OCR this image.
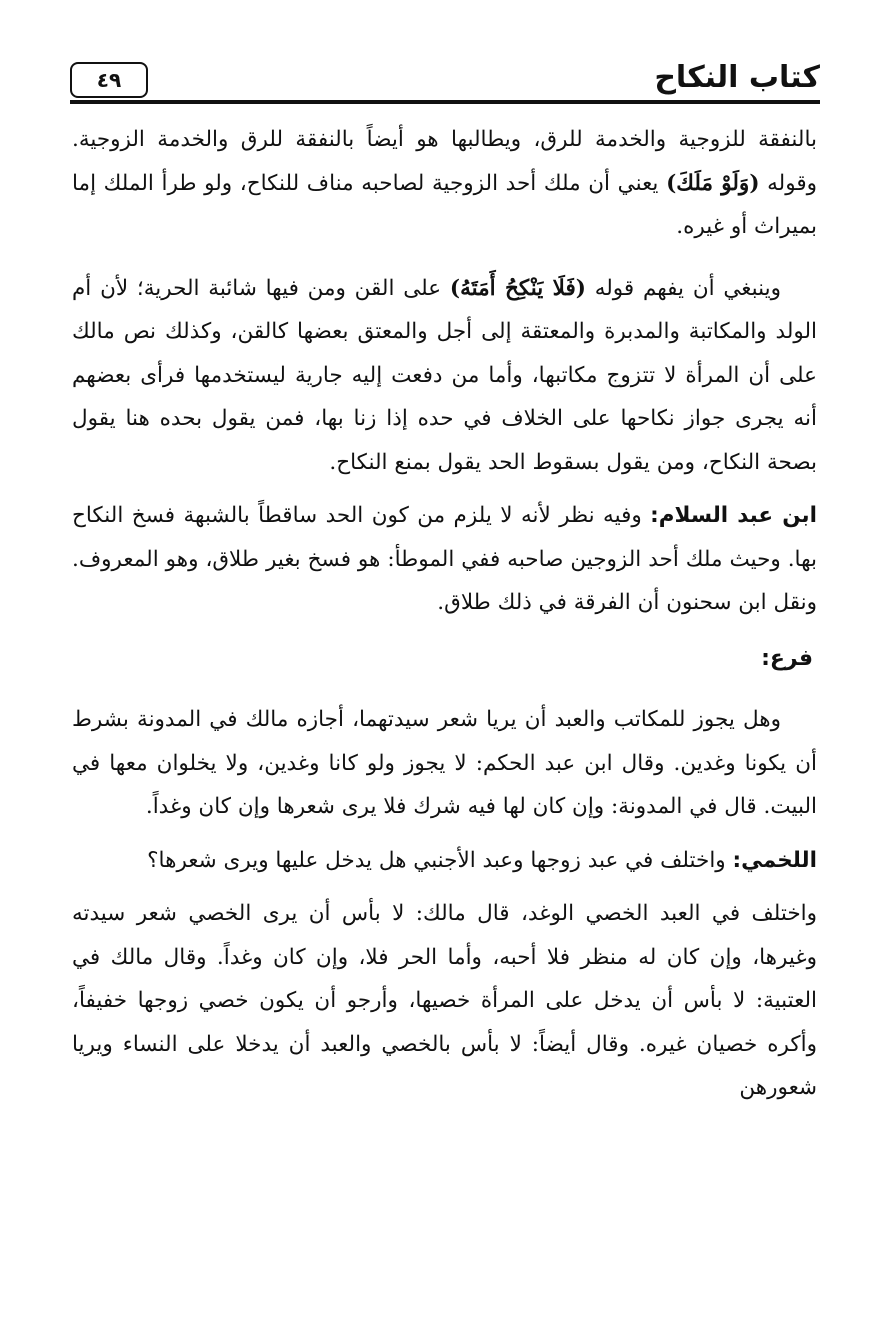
٤٩	كتاب النكاح

بالنفقة للزوجية والخدمة للرق، ويطالبها هو أيضاً بالنفقة للرق والخدمة الزوجية. وقوله (وَلَوْ مَلَكَ) يعني أن ملك أحد الزوجية لصاحبه مناف للنكاح، ولو طرأ الملك إما بميراث أو غيره.

وينبغي أن يفهم قوله (فَلَا يَنْكِحُ أَمَتَهُ) على القن ومن فيها شائبة الحرية؛ لأن أم الولد والمكاتبة والمدبرة والمعتقة إلى أجل والمعتق بعضها كالقن، وكذلك نص مالك على أن المرأة لا تتزوج مكاتبها، وأما من دفعت إليه جارية ليستخدمها فرأى بعضهم أنه يجرى جواز نكاحها على الخلاف في حده إذا زنا بها، فمن يقول بحده هنا يقول بصحة النكاح، ومن يقول بسقوط الحد يقول بمنع النكاح.

ابن عبد السلام: وفيه نظر لأنه لا يلزم من كون الحد ساقطاً بالشبهة فسخ النكاح بها. وحيث ملك أحد الزوجين صاحبه ففي الموطأ: هو فسخ بغير طلاق، وهو المعروف. ونقل ابن سحنون أن الفرقة في ذلك طلاق.

فرع:

وهل يجوز للمكاتب والعبد أن يريا شعر سيدتهما، أجازه مالك في المدونة بشرط أن يكونا وغدين. وقال ابن عبد الحكم: لا يجوز ولو كانا وغدين، ولا يخلوان معها في البيت. قال في المدونة: وإن كان لها فيه شرك فلا يرى شعرها وإن كان وغداً.

اللخمي: واختلف في عبد زوجها وعبد الأجنبي هل يدخل عليها ويرى شعرها؟

واختلف في العبد الخصي الوغد، قال مالك: لا بأس أن يرى الخصي شعر سيدته وغيرها، وإن كان له منظر فلا أحبه، وأما الحر فلا، وإن كان وغداً. وقال مالك في العتبية: لا بأس أن يدخل على المرأة خصيها، وأرجو أن يكون خصي زوجها خفيفاً، وأكره خصيان غيره. وقال أيضاً: لا بأس بالخصي والعبد أن يدخلا على النساء ويريا شعورهن
